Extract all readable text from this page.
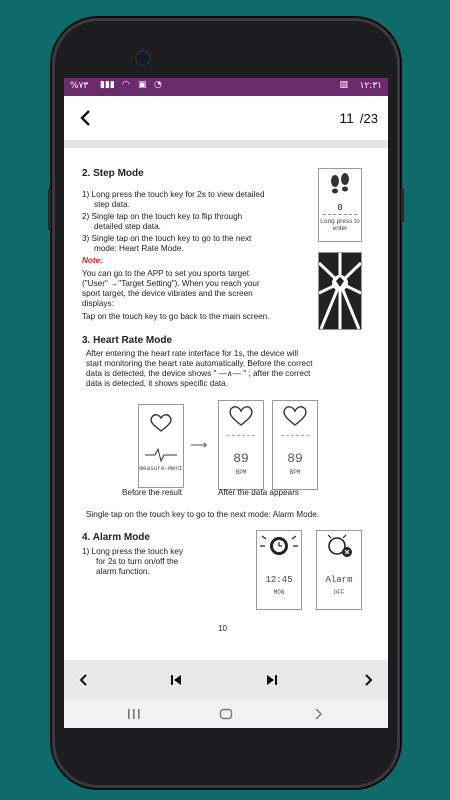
%٧٣ ▮▮▮ ◠ ▣ ◔	▧ ١٢:٣١
11 /23
2. Step Mode

1) Long press the touch key for 2s to view detailed

step data.

2) Single tap on the touch key to flip through

detailed step data.

3) Single tap on the touch key to go to the next

mode: Heart Rate Mode.

Note:

You can go to the APP to set you sports target

("User" →"Target Setting"). When you reach your

sport target, the device vibrates and the screen

displays:

Tap on the touch key to go back to the main screen.

0
Long press to enter
3. Heart Rate Mode

After entering the heart rate interface for 1s, the device will

start monitoring the heart rate automatically. Before the correct

data is detected, the device shows " —∧— " ; after the correct

data is detected, it shows specific data.

measure-ment
⟶
89
BPM
89
BPM

Before the result	After the data appears

Single tap on the touch key to go to the next mode: Alarm Mode.

4. Alarm Mode

1) Long press the touch key

for 2s to turn on/off the

alarm function.

12:45
MON
Alarm
OFF

10
